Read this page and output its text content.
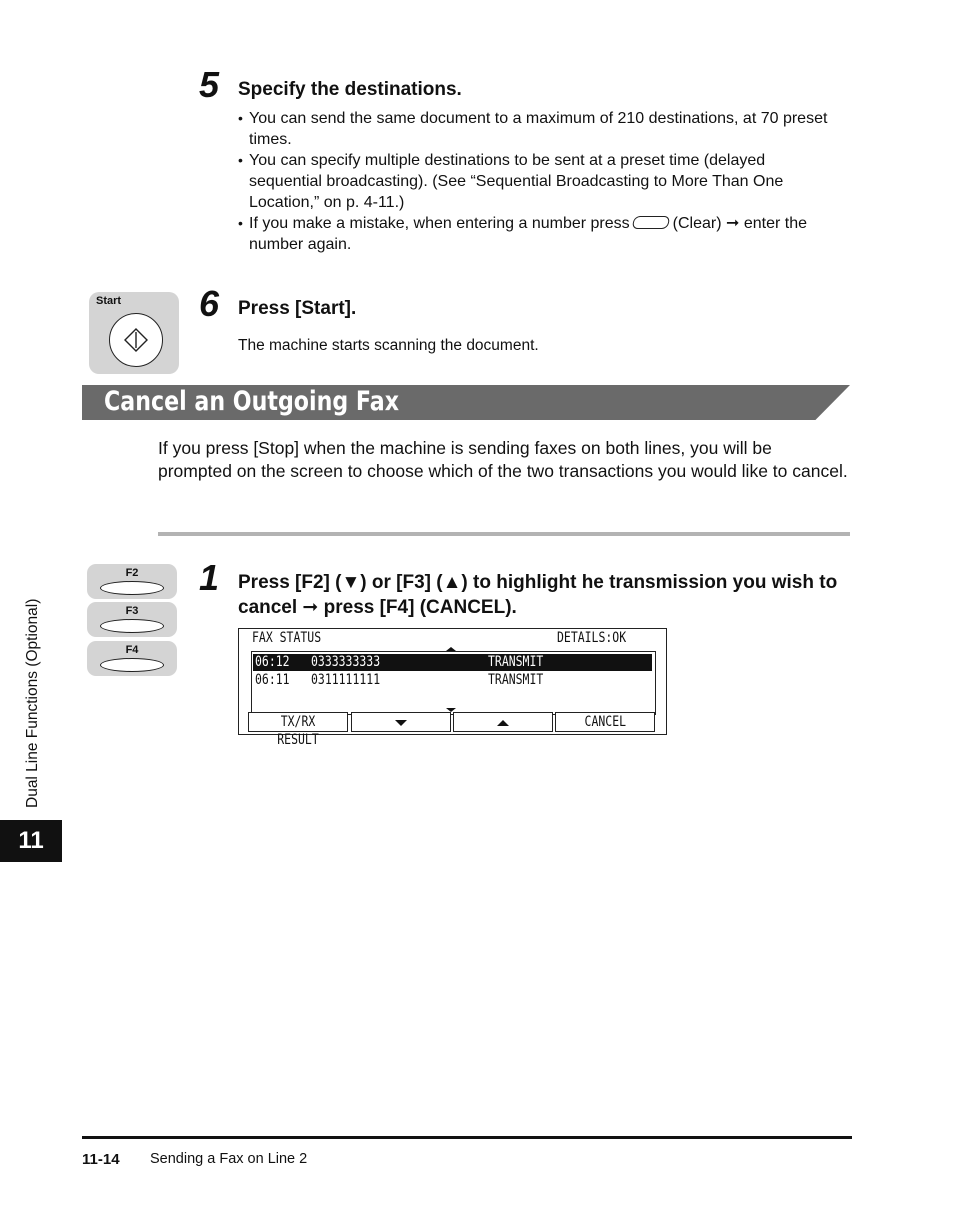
5 Specify the destinations.
• You can send the same document to a maximum of 210 destinations, at 70 preset times.
• You can specify multiple destinations to be sent at a preset time (delayed sequential broadcasting). (See “Sequential Broadcasting to More Than One Location,” on p. 4-11.)
• If you make a mistake, when entering a number press	(Clear) ➞ enter the number again.
Start 6 Press [Start].
The machine starts scanning the document.
Cancel an Outgoing Fax
If you press [Stop] when the machine is sending faxes on both lines, you will be prompted on the screen to choose which of the two transactions you would like to cancel.
F2
F3
F4
1 Press [F2] (▼) or [F3] (▲) to highlight he transmission you wish to cancel ➞ press [F4] (CANCEL).
FAX STATUS	DETAILS:OK
06:12 0333333333	TRANSMIT
06:11 0311111111	TRANSMIT
TX/RX RESULT
CANCEL
Dual Line Functions (Optional)
11
11-14 Sending a Fax on Line 2
